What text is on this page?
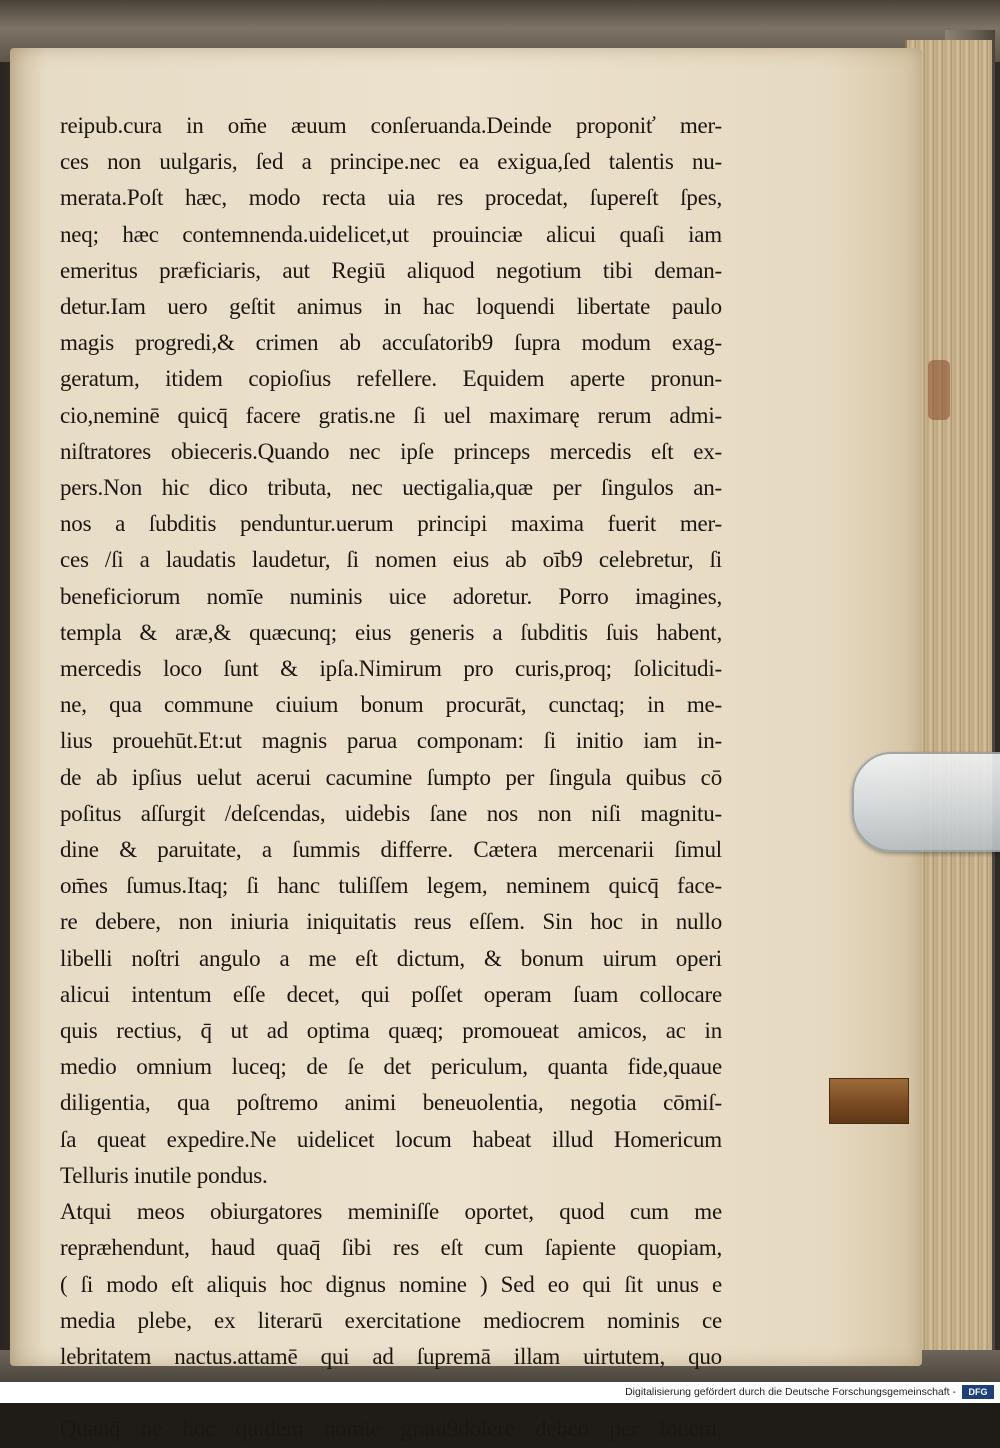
reipub.cura in om̄e æuum conſeruanda.Deinde proponiť mer-
ces non uulgaris, ſed a principe.nec ea exigua,ſed talentis nu-
merata.Poſt hæc, modo recta uia res procedat, ſupereſt ſpes,
neq; hæc contemnenda.uidelicet,ut prouinciæ alicui quaſi iam
emeritus præficiaris, aut Regiū aliquod negotium tibi deman-
detur.Iam uero geſtit animus in hac loquendi libertate paulo
magis progredi,& crimen ab accuſatorib9 ſupra modum exag-
geratum, itidem copioſius refellere. Equidem aperte pronun-
cio,neminē quicq̄ facere gratis.ne ſi uel maximarę rerum admi-
niſtratores obieceris.Quando nec ipſe princeps mercedis eſt ex-
pers.Non hic dico tributa, nec uectigalia,quæ per ſingulos an-
nos a ſubditis penduntur.uerum principi maxima fuerit mer-
ces /ſi a laudatis laudetur, ſi nomen eius ab oīb9 celebretur, ſi
beneficiorum nomīe numinis uice adoretur. Porro imagines,
templa & aræ,& quæcunq; eius generis a ſubditis ſuis habent,
mercedis loco ſunt & ipſa.Nimirum pro curis,proq; ſolicitudi-
ne, qua commune ciuium bonum procurāt, cunctaq; in me-
lius prouehūt.Et:ut magnis parua componam: ſi initio iam in-
de ab ipſius uelut acerui cacumine ſumpto per ſingula quibus cō
poſitus aſſurgit /deſcendas, uidebis ſane nos non niſi magnitu-
dine & paruitate, a ſummis differre. Cætera mercenarii ſimul
om̄es ſumus.Itaq; ſi hanc tuliſſem legem, neminem quicq̄ face-
re debere, non iniuria iniquitatis reus eſſem. Sin hoc in nullo
libelli noſtri angulo a me eſt dictum, & bonum uirum operi
alicui intentum eſſe decet, qui poſſet operam ſuam collocare
quis rectius, q̄ ut ad optima quæq; promoueat amicos, ac in
medio omnium luceq; de ſe det periculum, quanta fide,quaue
diligentia, qua poſtremo animi beneuolentia, negotia cōmiſ-
ſa queat expedire.Ne uidelicet locum habeat illud Homericum
Telluris inutile pondus.
Atqui meos obiurgatores meminiſſe oportet, quod cum me
repræhendunt, haud quaq̄ ſibi res eſt cum ſapiente quopiam,
( ſi modo eſt aliquis hoc dignus nomine ) Sed eo qui ſit unus e
media plebe, ex literarū exercitatione mediocrem nominis ce
lebritatem nactus.attamē qui ad ſupremā illam uirtutem, quo
Quanq̄ ne hoc quidem nomīe graui9dolere debeo per Iouem,
Digitalisierung gefördert durch die Deutsche Forschungsgemeinschaft -	DFG
